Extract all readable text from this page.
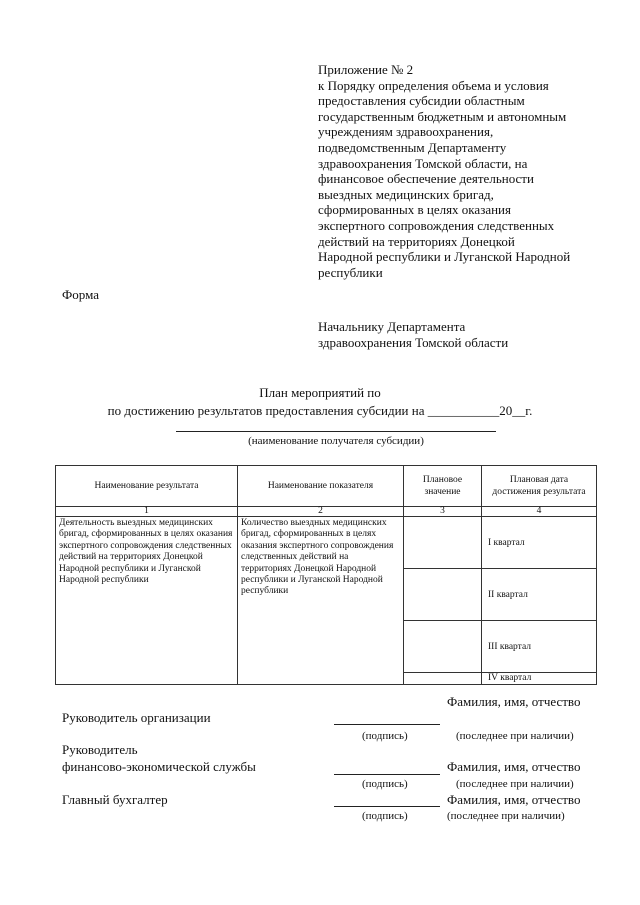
Приложение № 2
к Порядку определения объема и условия
предоставления субсидии областным
государственным бюджетным и автономным
учреждениям здравоохранения,
подведомственным Департаменту
здравоохранения Томской области, на
финансовое обеспечение деятельности
выездных медицинских бригад,
сформированных в целях оказания
экспертного сопровождения следственных
действий на территориях Донецкой
Народной республики и Луганской Народной
республики
Форма
Начальнику Департамента
здравоохранения Томской области
План мероприятий по
по достижению результатов предоставления субсидии на ___________20__г.
(наименование получателя субсидии)
Наименование результата	Наименование показателя	Плановое значение	Плановая дата достижения результата
1	2	3	4
Деятельность выездных медицинских бригад, сформированных в целях оказания экспертного сопровождения следственных действий на территориях Донецкой Народной республики и Луганской Народной республики	Количество выездных медицинских бригад, сформированных в целях оказания экспертного сопровождения следственных действий на территориях Донецкой Народной республики и Луганской Народной республики		I квартал
			II квартал
			III квартал
			IV квартал
Фамилия, имя, отчество
Руководитель организации
(подпись)	(последнее при наличии)
Руководитель
финансово-экономической службы	Фамилия, имя, отчество
(подпись)	(последнее при наличии)
Главный бухгалтер	Фамилия, имя, отчество
(подпись)	(последнее при наличии)
